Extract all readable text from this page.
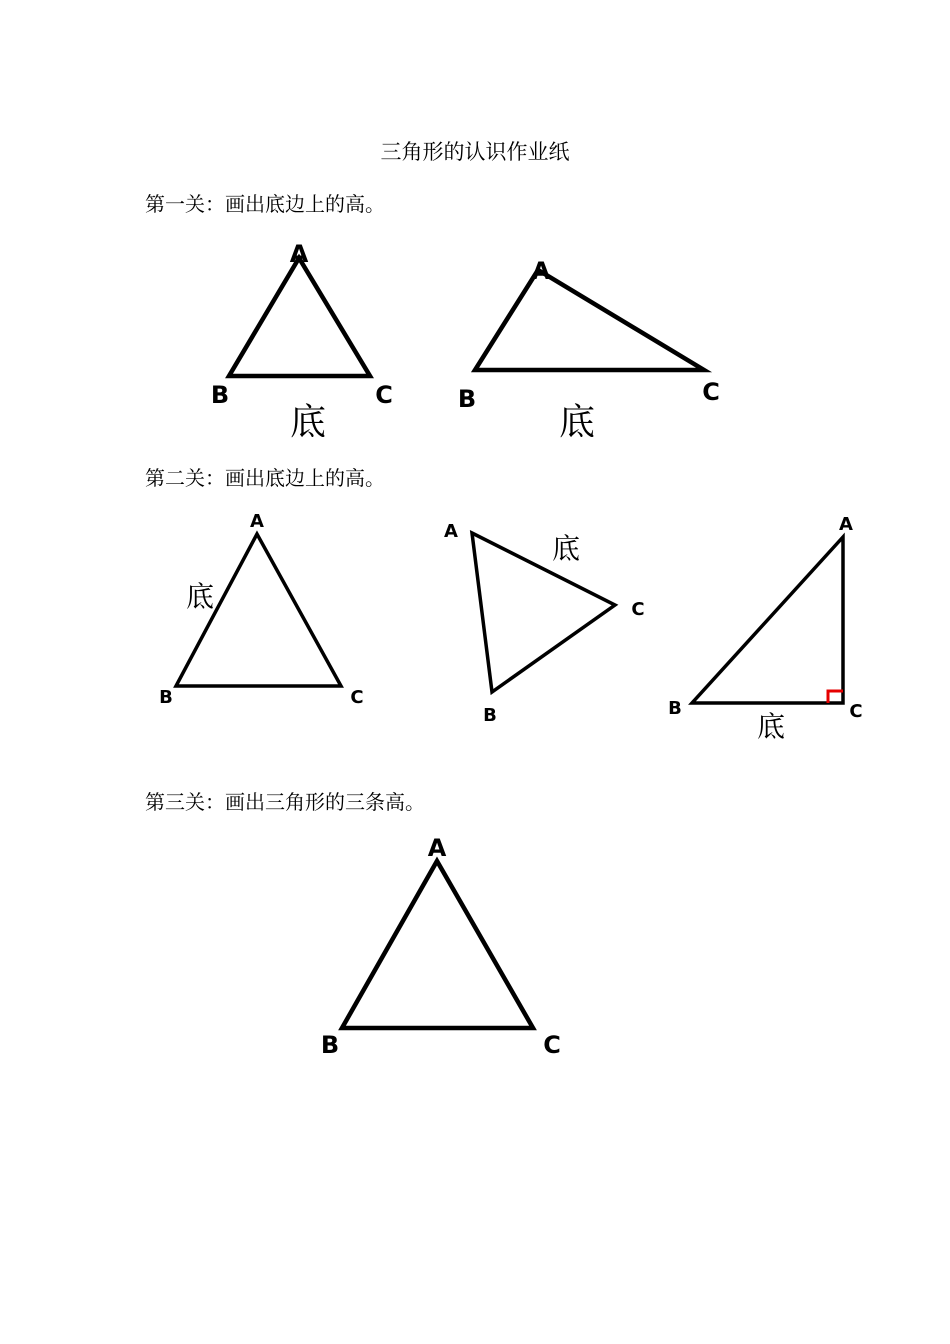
三角形的认识作业纸
第一关：画出底边上的高。
第二关：画出底边上的高。
第三关：画出三角形的三条高。
A
B	C
底
A
B	C
底
A
B	C
底
A
B
C
底
A
B	C
底
A
B	C
